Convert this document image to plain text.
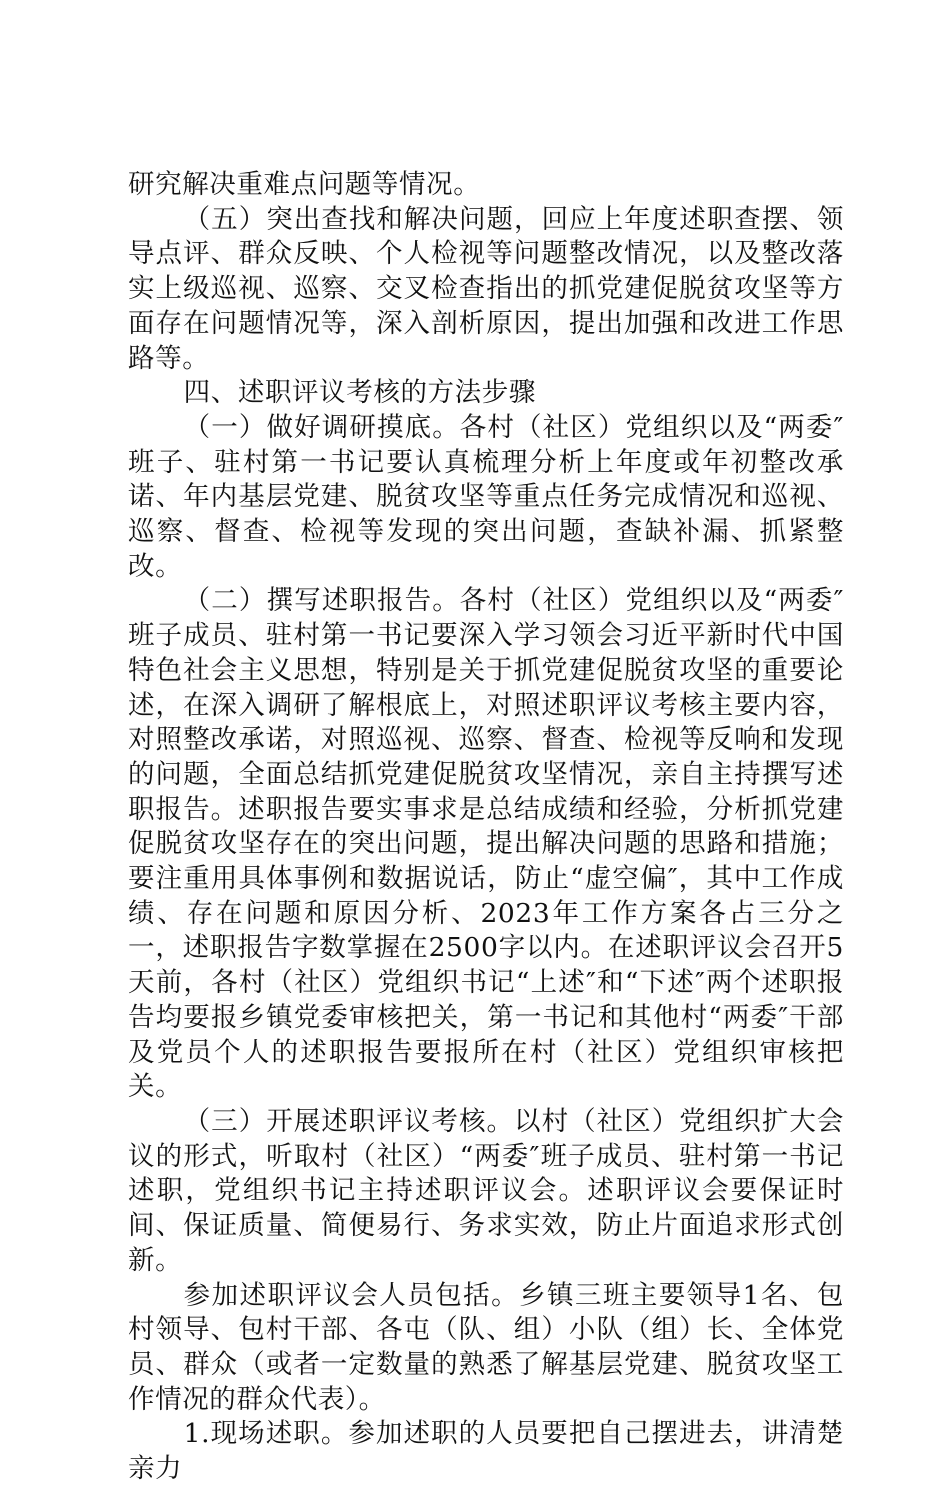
研究解决重难点问题等情况。

（五）突出查找和解决问题，回应上年度述职查摆、领导点评、群众反映、个人检视等问题整改情况，以及整改落实上级巡视、巡察、交叉检查指出的抓党建促脱贫攻坚等方面存在问题情况等，深入剖析原因，提出加强和改进工作思路等。

四、述职评议考核的方法步骤

（一）做好调研摸底。各村（社区）党组织以及“两委″班子、驻村第一书记要认真梳理分析上年度或年初整改承诺、年内基层党建、脱贫攻坚等重点任务完成情况和巡视、巡察、督查、检视等发现的突出问题，查缺补漏、抓紧整改。

（二）撰写述职报告。各村（社区）党组织以及“两委″班子成员、驻村第一书记要深入学习领会习近平新时代中国特色社会主义思想，特别是关于抓党建促脱贫攻坚的重要论述，在深入调研了解根底上，对照述职评议考核主要内容，对照整改承诺，对照巡视、巡察、督查、检视等反响和发现的问题，全面总结抓党建促脱贫攻坚情况，亲自主持撰写述职报告。述职报告要实事求是总结成绩和经验，分析抓党建促脱贫攻坚存在的突出问题，提出解决问题的思路和措施；要注重用具体事例和数据说话，防止“虚空偏″，其中工作成绩、存在问题和原因分析、2023年工作方案各占三分之一，述职报告字数掌握在2500字以内。在述职评议会召开5天前，各村（社区）党组织书记“上述″和“下述″两个述职报告均要报乡镇党委审核把关，第一书记和其他村“两委″干部及党员个人的述职报告要报所在村（社区）党组织审核把关。

（三）开展述职评议考核。以村（社区）党组织扩大会议的形式，听取村（社区）“两委″班子成员、驻村第一书记述职，党组织书记主持述职评议会。述职评议会要保证时间、保证质量、简便易行、务求实效，防止片面追求形式创新。

参加述职评议会人员包括。乡镇三班主要领导1名、包村领导、包村干部、各屯（队、组）小队（组）长、全体党员、群众（或者一定数量的熟悉了解基层党建、脱贫攻坚工作情况的群众代表）。

1.现场述职。参加述职的人员要把自己摆进去，讲清楚亲力
